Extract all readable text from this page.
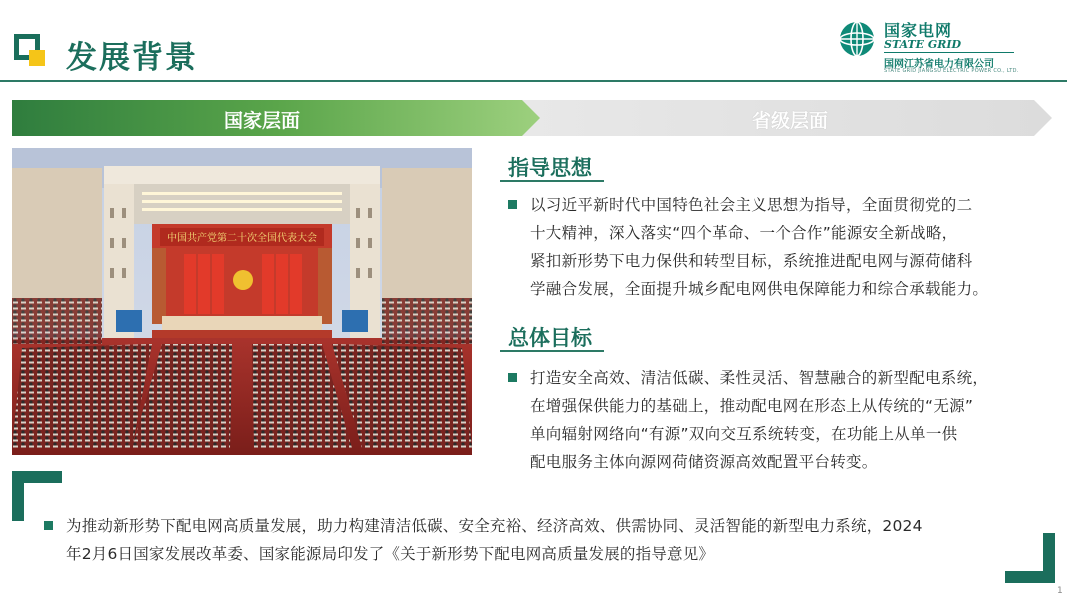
发展背景
国家电网
STATE GRID
国网江苏省电力有限公司
STATE GRID JIANGSU ELECTRIC POWER CO., LTD.
国家层面	省级层面
中国共产党第二十次全国代表大会
指导思想
以习近平新时代中国特色社会主义思想为指导，全面贯彻党的二
十大精神，深入落实“四个革命、一个合作”能源安全新战略，
紧扣新形势下电力保供和转型目标，系统推进配电网与源荷储科
学融合发展，全面提升城乡配电网供电保障能力和综合承载能力。
总体目标
打造安全高效、清洁低碳、柔性灵活、智慧融合的新型配电系统，
在增强保供能力的基础上，推动配电网在形态上从传统的“无源”
单向辐射网络向“有源”双向交互系统转变，在功能上从单一供
配电服务主体向源网荷储资源高效配置平台转变。
为推动新形势下配电网高质量发展，助力构建清洁低碳、安全充裕、经济高效、供需协同、灵活智能的新型电力系统，2024
年2月6日国家发展改革委、国家能源局印发了《关于新形势下配电网高质量发展的指导意见》
1
